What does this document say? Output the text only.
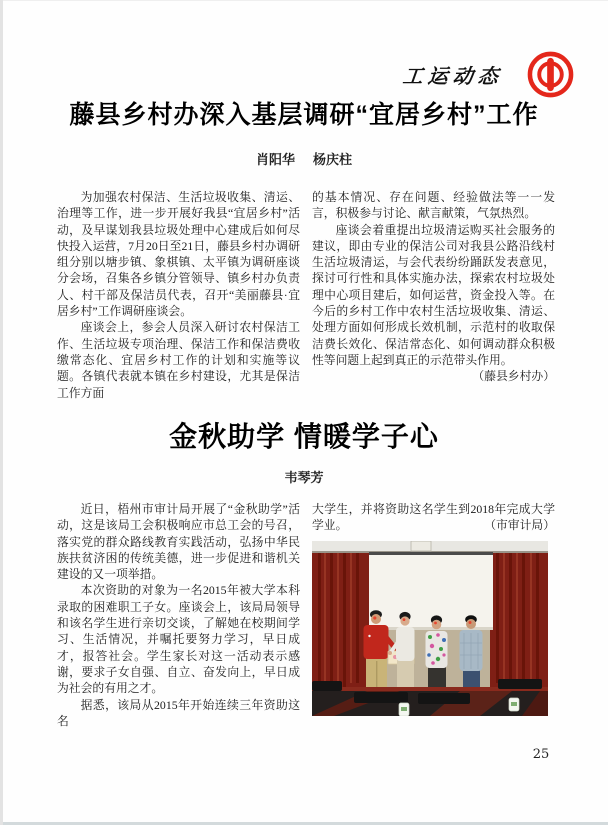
工运动态
藤县乡村办深入基层调研“宜居乡村”工作
肖阳华 杨庆柱

为加强农村保洁、生活垃圾收集、清运、治理等工作，进一步开展好我县“宜居乡村”活动，及早谋划我县垃圾处理中心建成后如何尽快投入运营，7月20日至21日，藤县乡村办调研组分别以塘步镇、象棋镇、太平镇为调研座谈分会场，召集各乡镇分管领导、镇乡村办负责人、村干部及保洁员代表，召开“美丽藤县·宜居乡村”工作调研座谈会。

座谈会上，参会人员深入研讨农村保洁工作、生活垃圾专项治理、保洁工作和保洁费收缴常态化、宜居乡村工作的计划和实施等议题。各镇代表就本镇在乡村建设，尤其是保洁工作方面

的基本情况、存在问题、经验做法等一一发言，积极参与讨论、献言献策，气氛热烈。

座谈会着重提出垃圾清运购买社会服务的建议，即由专业的保洁公司对我县公路沿线村生活垃圾清运，与会代表纷纷踊跃发表意见，探讨可行性和具体实施办法，探索农村垃圾处理中心项目建后，如何运营，资金投入等。在今后的乡村工作中农村生活垃圾收集、清运、处理方面如何形成长效机制，示范村的收取保洁费长效化、保洁常态化、如何调动群众积极性等问题上起到真正的示范带头作用。
（藤县乡村办）

金秋助学 情暖学子心
韦琴芳

近日，梧州市审计局开展了“金秋助学”活动，这是该局工会积极响应市总工会的号召，落实党的群众路线教育实践活动，弘扬中华民族扶贫济困的传统美德，进一步促进和谐机关建设的又一项举措。

本次资助的对象为一名2015年被大学本科录取的困难职工子女。座谈会上，该局局领导和该名学生进行亲切交谈，了解她在校期间学习、生活情况，并嘱托要努力学习，早日成才，报答社会。学生家长对这一活动表示感谢，要求子女自强、自立、奋发向上，早日成为社会的有用之才。

据悉，该局从2015年开始连续三年资助这名

大学生，并将资助这名学生到2018年完成大学学业。	（市审计局）

25
